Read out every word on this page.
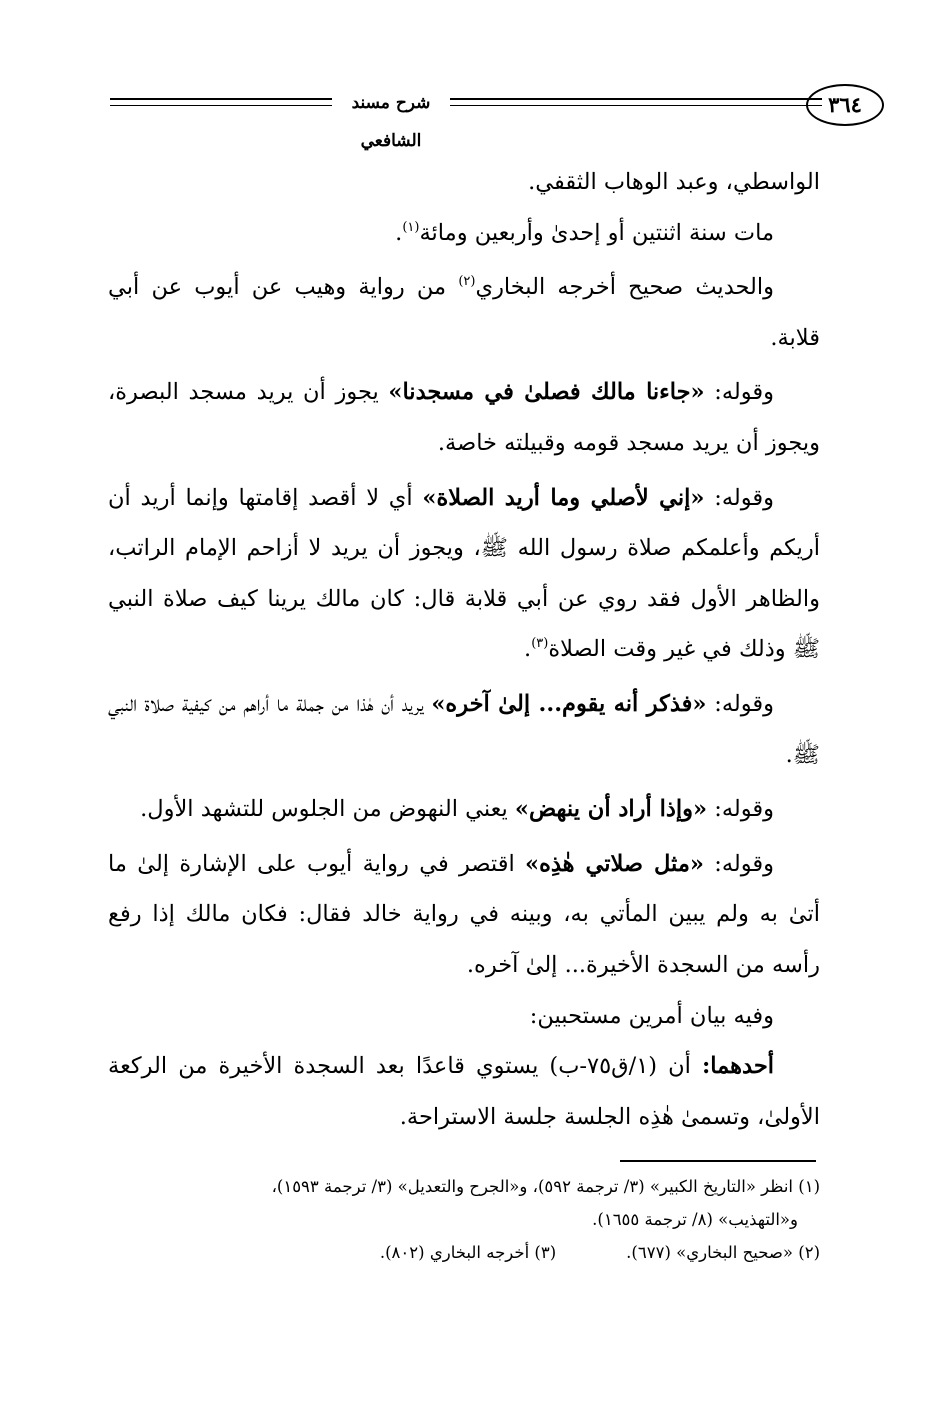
٣٦٤
شرح مسند الشافعي

الواسطي، وعبد الوهاب الثقفي.

مات سنة اثنتين أو إحدىٰ وأربعين ومائة$^{(١)}$.

والحديث صحيح أخرجه البخاري$^{(٢)}$ من رواية وهيب عن أيوب عن أبي قلابة.

وقوله: «جاءنا مالك فصلىٰ في مسجدنا» يجوز أن يريد مسجد البصرة، ويجوز أن يريد مسجد قومه وقبيلته خاصة.

وقوله: «إني لأصلي وما أريد الصلاة» أي لا أقصد إقامتها وإنما أريد أن أريكم وأعلمكم صلاة رسول الله ﷺ، ويجوز أن يريد لا أزاحم الإمام الراتب، والظاهر الأول فقد روي عن أبي قلابة قال: كان مالك يرينا كيف صلاة النبي ﷺ وذلك في غير وقت الصلاة$^{(٣)}$.

وقوله: «فذكر أنه يقوم... إلىٰ آخره» يريد أن هٰذا من جملة ما أراهم من كيفية صلاة النبي ﷺ.

وقوله: «وإذا أراد أن ينهض» يعني النهوض من الجلوس للتشهد الأول.

وقوله: «مثل صلاتي هٰذِه» اقتصر في رواية أيوب على الإشارة إلىٰ ما أتىٰ به ولم يبين المأتي به، وبينه في رواية خالد فقال: فكان مالك إذا رفع رأسه من السجدة الأخيرة... إلىٰ آخره.

وفيه بيان أمرين مستحبين:

أحدهما: أن (١/ق٧٥-ب) يستوي قاعدًا بعد السجدة الأخيرة من الركعة الأولىٰ، وتسمىٰ هٰذِه الجلسة جلسة الاستراحة.

(١) انظر «التاريخ الكبير» (٣/ ترجمة ٥٩٢)، و«الجرح والتعديل» (٣/ ترجمة ١٥٩٣)،

و«التهذيب» (٨/ ترجمة ١٦٥٥).

(٢) «صحيح البخاري» (٦٧٧).
(٣) أخرجه البخاري (٨٠٢).
